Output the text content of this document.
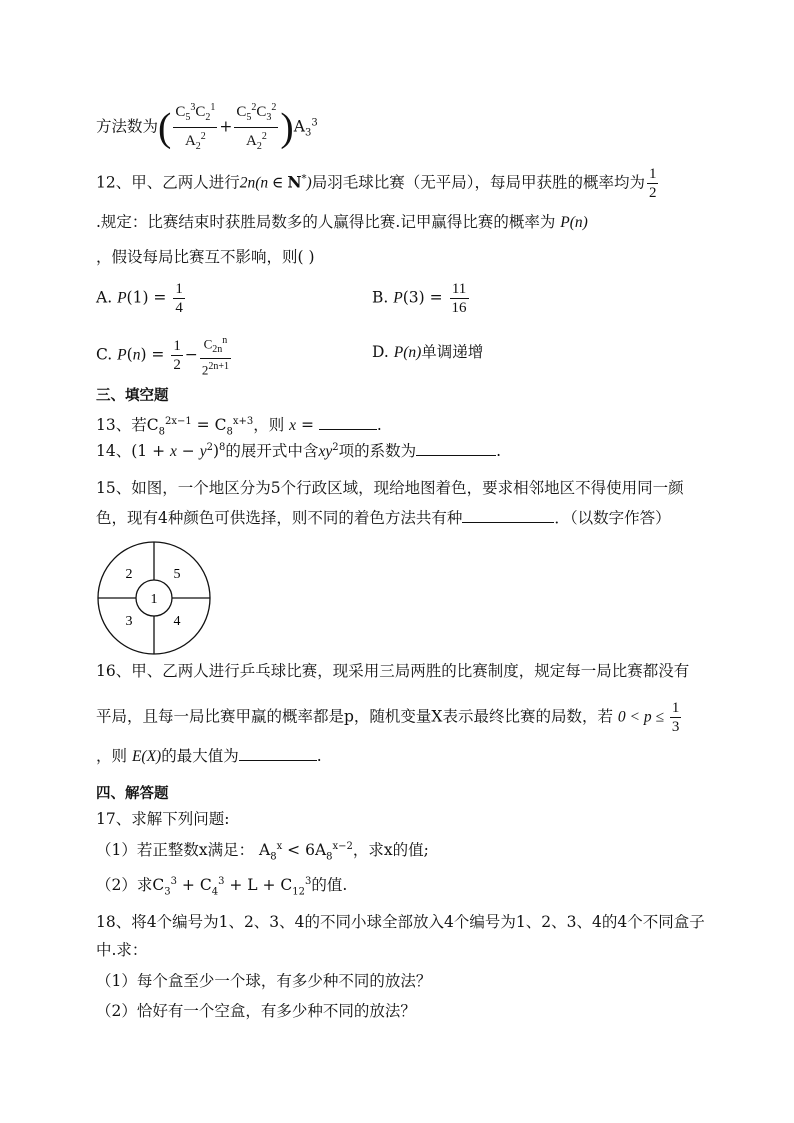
方法数为( $\frac{C_5^3C_2^1}{A_2^2} + \frac{C_5^2C_3^2}{A_2^2} )A_3^3$
12、甲、乙两人进行2n(n ∈ N*)局羽毛球比赛（无平局），每局甲获胜的概率均为 $\frac{1}{2}$
.规定：比赛结束时获胜局数多的人赢得比赛.记甲赢得比赛的概率为 P(n)
，假设每局比赛互不影响，则( )
A. $P(1) = \frac{1}{4}$	B. $P(3) = \frac{11}{16}$
C. $P(n) = \frac{1}{2} - \frac{C_{2n}^n}{2^{2n+1}}$	D. P(n)单调递增
三、填空题
13、若$C_8^{2x-1} = C_8^{x+3}$，则 x =	.
14、$(1 + x - y^2)^8$的展开式中含$xy^2$项的系数为	.
15、如图，一个地区分为5个行政区域，现给地图着色，要求相邻地区不得使用同一颜
色，现有4种颜色可供选择，则不同的着色方法共有种	．（以数字作答）
1
2
3	4
5
16、甲、乙两人进行乒乓球比赛，现采用三局两胜的比赛制度，规定每一局比赛都没有
平局，且每一局比赛甲赢的概率都是p，随机变量X表示最终比赛的局数，若 $0 < p \le \frac{1}{3}$
，则 E(X)的最大值为	.
四、解答题
17、求解下列问题:
（1）若正整数x满足： $A_8^x < 6A_8^{x-2}$，求x的值;
（2）求$C_3^3 + C_4^3 + L + C_{12}^3$的值.
18、将4个编号为1、2、3、4的不同小球全部放入4个编号为1、2、3、4的4个不同盒子
中.求：
（1）每个盒至少一个球，有多少种不同的放法？
（2）恰好有一个空盒，有多少种不同的放法？
